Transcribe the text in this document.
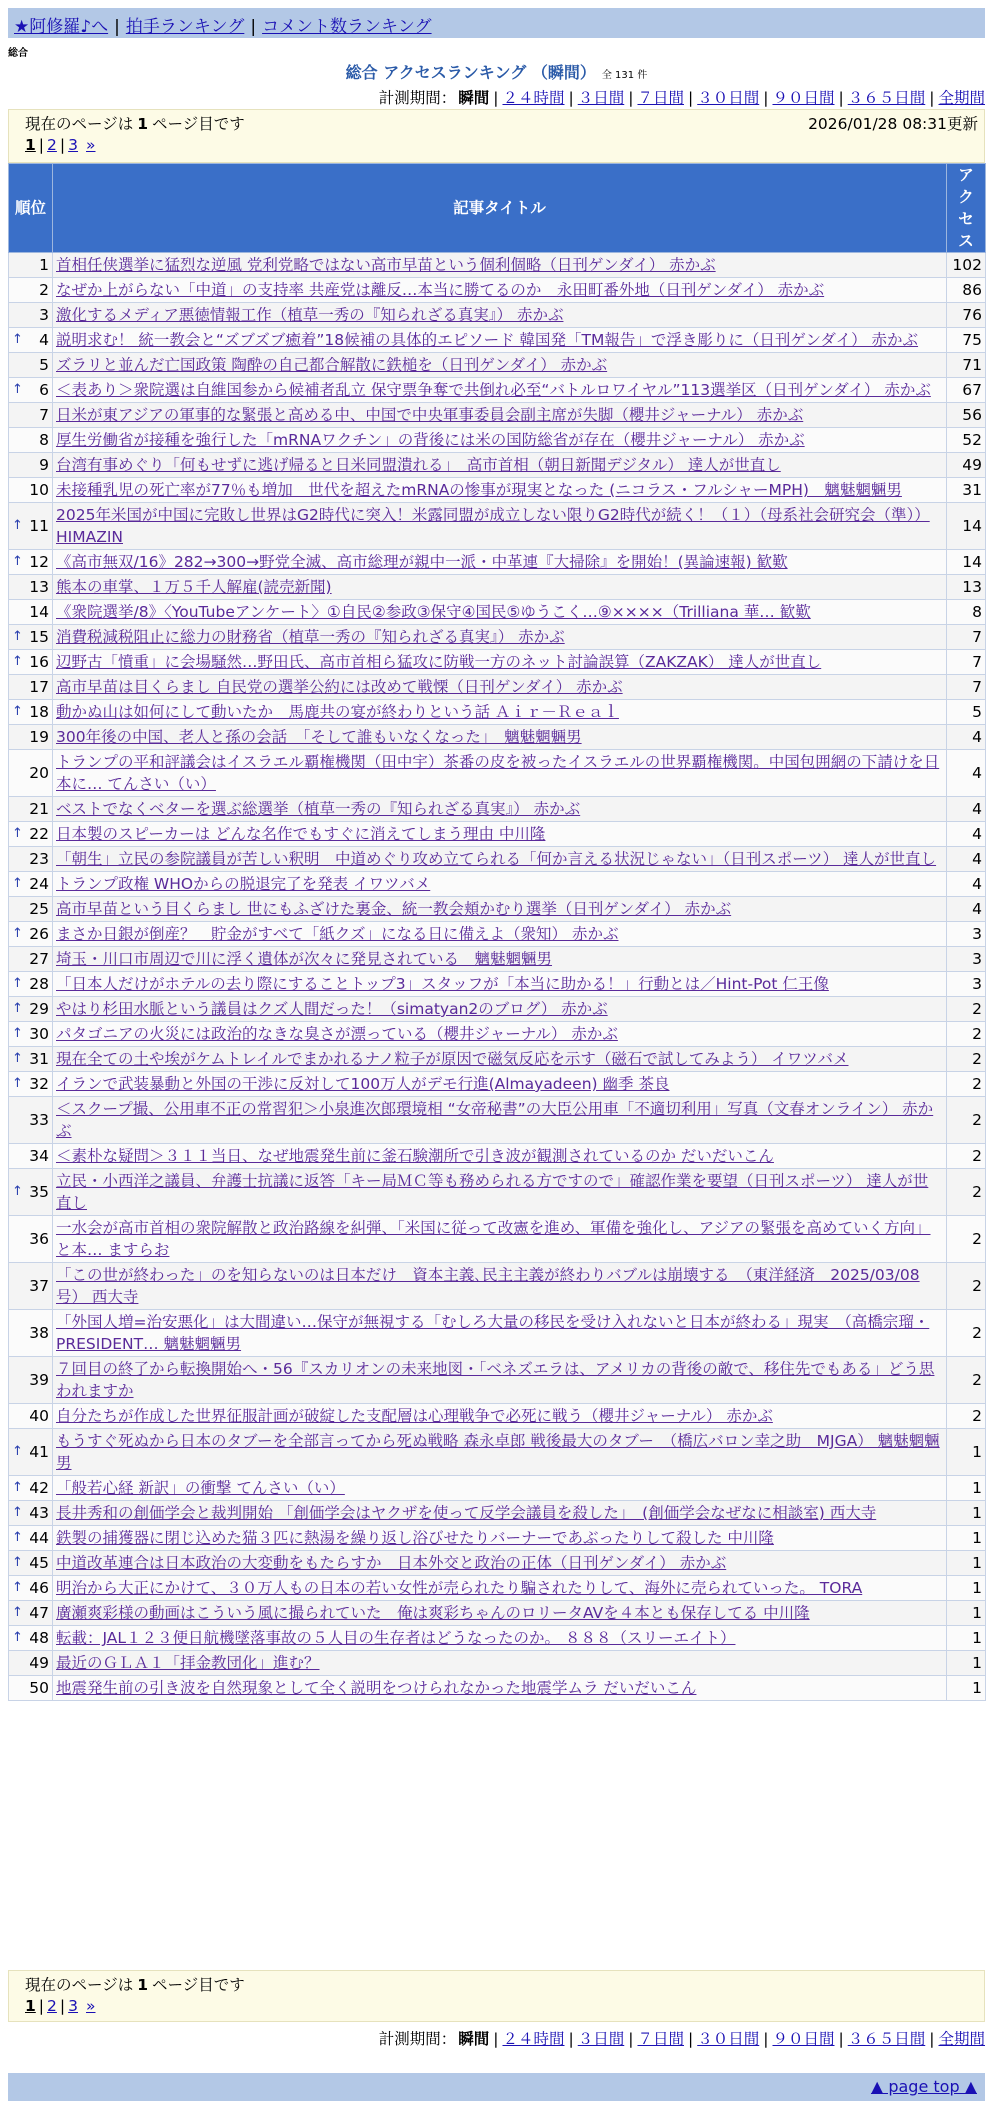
★阿修羅♪へ | 拍手ランキング | コメント数ランキング
総合
総合 アクセスランキング （瞬間） 全 131 件
計測期間： 瞬間 | ２４時間 | ３日間 | ７日間 | ３０日間 | ９０日間 | ３６５日間 | 全期間
現在のページは 1 ページ目です
1 | 2 | 3 »
2026/01/28 08:31更新
順位	記事タイトル	アクセス
1	首相任侠選挙に猛烈な逆風 党利党略ではない高市早苗という個利個略（日刊ゲンダイ） 赤かぶ	102
2	なぜか上がらない「中道」の支持率 共産党は離反…本当に勝てるのか　永田町番外地（日刊ゲンダイ） 赤かぶ	86
3	激化するメディア悪徳情報工作（植草一秀の『知られざる真実』） 赤かぶ	76

↑ 4	説明求む！ 統一教会と“ズブズブ癒着”18候補の具体的エピソード 韓国発「TM報告」で浮き彫りに（日刊ゲンダイ） 赤かぶ	75
5	ズラリと並んだ亡国政策 陶酔の自己都合解散に鉄槌を（日刊ゲンダイ） 赤かぶ	71

↑ 6	＜表あり＞衆院選は自維国参から候補者乱立 保守票争奪で共倒れ必至“バトルロワイヤル”113選挙区（日刊ゲンダイ） 赤かぶ	67
7	日米が東アジアの軍事的な緊張と高める中、中国で中央軍事委員会副主席が失脚（櫻井ジャーナル） 赤かぶ	56
8	厚生労働省が接種を強行した「mRNAワクチン」の背後には米の国防総省が存在（櫻井ジャーナル） 赤かぶ	52
9	台湾有事めぐり「何もせずに逃げ帰ると日米同盟潰れる」　高市首相（朝日新聞デジタル） 達人が世直し	49
10	未接種乳児の死亡率が77％も増加　世代を超えたmRNAの惨事が現実となった (ニコラス・フルシャーMPH)　魑魅魍魎男	31

↑ 11	2025年米国が中国に完敗し世界はG2時代に突入！米露同盟が成立しない限りG2時代が続く！（１）（母系社会研究会（準）） HIMAZIN	14

↑ 12	《高市無双/16》282→300→野党全滅、高市総理が親中一派・中革連『大掃除』を開始！(異論速報) 歓歎	14
13	熊本の車掌、１万５千人解雇(読売新聞)	13
14	《衆院選挙/8》〈YouTubeアンケート〉①自民②参政③保守④国民⑤ゆうこく…⑨××××（Trilliana 華… 歓歎	8

↑ 15	消費税減税阻止に総力の財務省（植草一秀の『知られざる真実』） 赤かぶ	7

↑ 16	辺野古「憤重」に会場騒然…野田氏、高市首相ら猛攻に防戦一方のネット討論誤算（ZAKZAK） 達人が世直し	7
17	高市早苗は目くらまし 自民党の選挙公約には改めて戦慄（日刊ゲンダイ） 赤かぶ	7

↑ 18	動かぬ山は如何にして動いたか　馬鹿共の宴が終わりという話 Ａｉｒ－Ｒｅａｌ	5
19	300年後の中国、老人と孫の会話　「そして誰もいなくなった」　魑魅魍魎男	4
20	トランプの平和評議会はイスラエル覇権機関（田中宇）茶番の皮を被ったイスラエルの世界覇権機関。中国包囲網の下請けを日本に… てんさい（い）	4
21	ベストでなくベターを選ぶ総選挙（植草一秀の『知られざる真実』） 赤かぶ	4

↑ 22	日本製のスピーカーは どんな名作でもすぐに消えてしまう理由 中川隆	4
23	「朝生」立民の参院議員が苦しい釈明　中道めぐり攻め立てられる「何か言える状況じゃない」（日刊スポーツ） 達人が世直し	4

↑ 24	トランプ政権 WHOからの脱退完了を発表 イワツバメ	4
25	高市早苗という目くらまし 世にもふざけた裏金、統一教会頬かむり選挙（日刊ゲンダイ） 赤かぶ	4

↑ 26	まさか日銀が倒産？　貯金がすべて「紙クズ」になる日に備えよ（衆知） 赤かぶ	3
27	埼玉・川口市周辺で川に浮く遺体が次々に発見されている　魑魅魍魎男	3

↑ 28	「日本人だけがホテルの去り際にすることトップ3」スタッフが「本当に助かる！」行動とは／Hint-Pot 仁王像	3

↑ 29	やはり杉田水脈という議員はクズ人間だった！（simatyan2のブログ） 赤かぶ	2

↑ 30	パタゴニアの火災には政治的なきな臭さが漂っている（櫻井ジャーナル） 赤かぶ	2

↑ 31	現在全ての土や埃がケムトレイルでまかれるナノ粒子が原因で磁気反応を示す（磁石で試してみよう） イワツバメ	2

↑ 32	イランで武装暴動と外国の干渉に反対して100万人がデモ行進(Almayadeen) 幽季 茶良	2
33	＜スクープ撮、公用車不正の常習犯＞小泉進次郎環境相 “女帝秘書”の大臣公用車「不適切利用」写真（文春オンライン） 赤かぶ	2
34	＜素朴な疑問＞３１１当日、なぜ地震発生前に釜石験潮所で引き波が観測されているのか だいだいこん	2

↑ 35	立民・小西洋之議員、弁護士抗議に返答「キー局ＭＣ等も務められる方ですので」確認作業を要望（日刊スポーツ） 達人が世直し	2
36	一水会が高市首相の衆院解散と政治路線を糾弾、「米国に従って改憲を進め、軍備を強化し、アジアの緊張を高めていく方向」と本… ますらお	2
37	「この世が終わった」のを知らないのは日本だけ　資本主義､民主主義が終わりバブルは崩壊する　（東洋経済　2025/03/08号） 西大寺	2
38	「外国人増=治安悪化」は大間違い…保守が無視する「むしろ大量の移民を受け入れないと日本が終わる」現実　（高橋宗瑠・PRESIDENT… 魑魅魍魎男	2
39	７回目の終了から転換開始へ・56『スカリオンの未来地図・「ベネズエラは、アメリカの背後の敵で、移住先でもある」どう思われますか	2
40	自分たちが作成した世界征服計画が破綻した支配層は心理戦争で必死に戦う（櫻井ジャーナル） 赤かぶ	2

↑ 41	もうすぐ死ぬから日本のタブーを全部言ってから死ぬ戦略 森永卓郎 戦後最大のタブー　（橋広バロン幸之助　MJGA） 魑魅魍魎男	1

↑ 42	「般若心経 新訳」の衝撃 てんさい（い）	1

↑ 43	長井秀和の創価学会と裁判開始 「創価学会はヤクザを使って反学会議員を殺した」　(創価学会なぜなに相談室) 西大寺	1

↑ 44	鉄製の捕獲器に閉じ込めた猫３匹に熱湯を繰り返し浴びせたりバーナーであぶったりして殺した 中川隆	1

↑ 45	中道改革連合は日本政治の大変動をもたらすか　日本外交と政治の正体（日刊ゲンダイ） 赤かぶ	1

↑ 46	明治から大正にかけて、３０万人もの日本の若い女性が売られたり騙されたりして、海外に売られていった。 TORA	1

↑ 47	廣瀬爽彩様の動画はこういう風に撮られていた　俺は爽彩ちゃんのロリータAVを４本とも保存してる 中川隆	1

↑ 48	転載：JAL１２３便日航機墜落事故の５人目の生存者はどうなったのか。 ８８８（スリーエイト）	1
49	最近のＧＬＡ１「拝金教団化」進む？	1
50	地震発生前の引き波を自然現象として全く説明をつけられなかった地震学ムラ だいだいこん	1
現在のページは 1 ページ目です
1 | 2 | 3 »
計測期間： 瞬間 | ２４時間 | ３日間 | ７日間 | ３０日間 | ９０日間 | ３６５日間 | 全期間
▲ page top ▲
